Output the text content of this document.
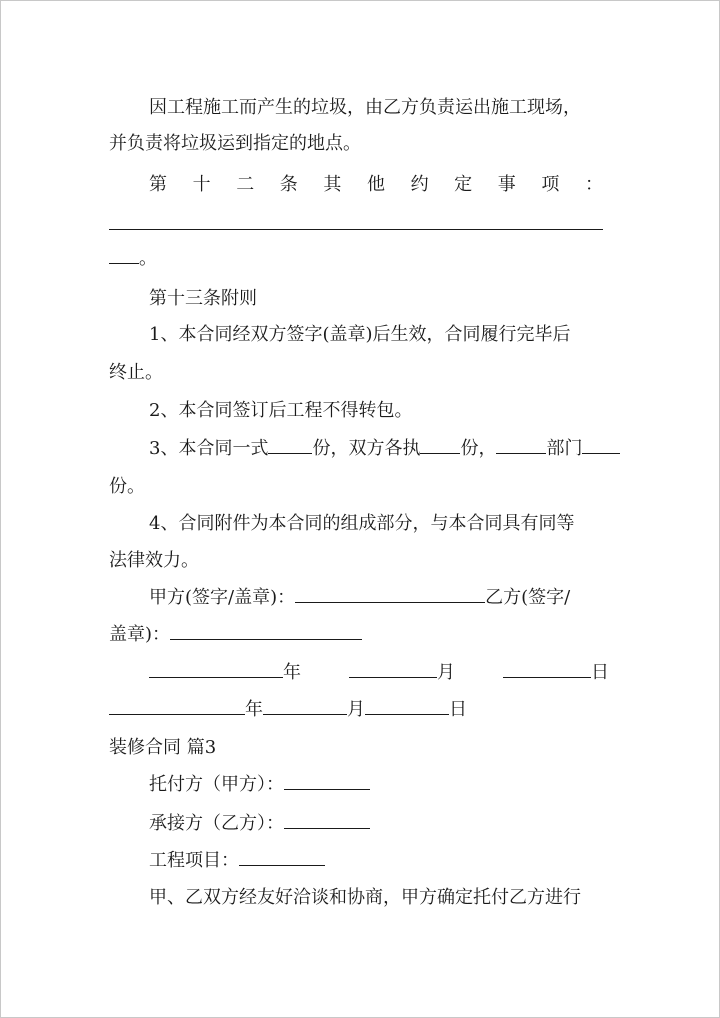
因工程施工而产生的垃圾，由乙方负责运出施工现场，
并负责将垃圾运到指定的地点。
第 十 二 条 其 他 约 定 事 项 ：
。
第十三条附则
1、本合同经双方签字(盖章)后生效，合同履行完毕后
终止。
2、本合同签订后工程不得转包。
3、本合同一式 份，双方各执 份，	部门
份。
4、合同附件为本合同的组成部分，与本合同具有同等
法律效力。
甲方(签字/盖章)：	乙方(签字/
盖章)：
年	月	日
年	月	日
装修合同 篇3
托付方（甲方）：
承接方（乙方）：
工程项目：
甲、乙双方经友好洽谈和协商，甲方确定托付乙方进行
